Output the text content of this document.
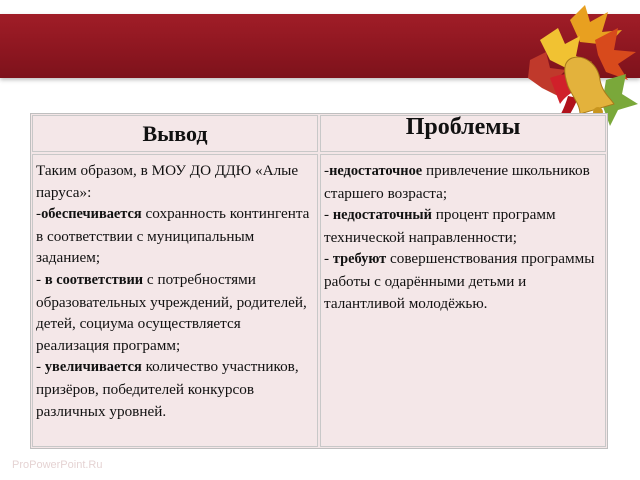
Вывод	Проблемы

Таким образом, в МОУ ДО ДДЮ «Алые паруса»:

-обеспечивается сохранность контингента в соответствии с муниципальным заданием;

- в соответствии с потребностями образовательных учреждений, родителей, детей, социума осуществляется реализация программ;

- увеличивается количество участников, призёров, победителей конкурсов различных уровней.

-недостаточное привлечение школьников старшего возраста;

- недостаточный процент программ технической направленности;

- требуют совершенствования программы работы с одарёнными детьми и талантливой молодёжью.

ProPowerPoint.Ru
